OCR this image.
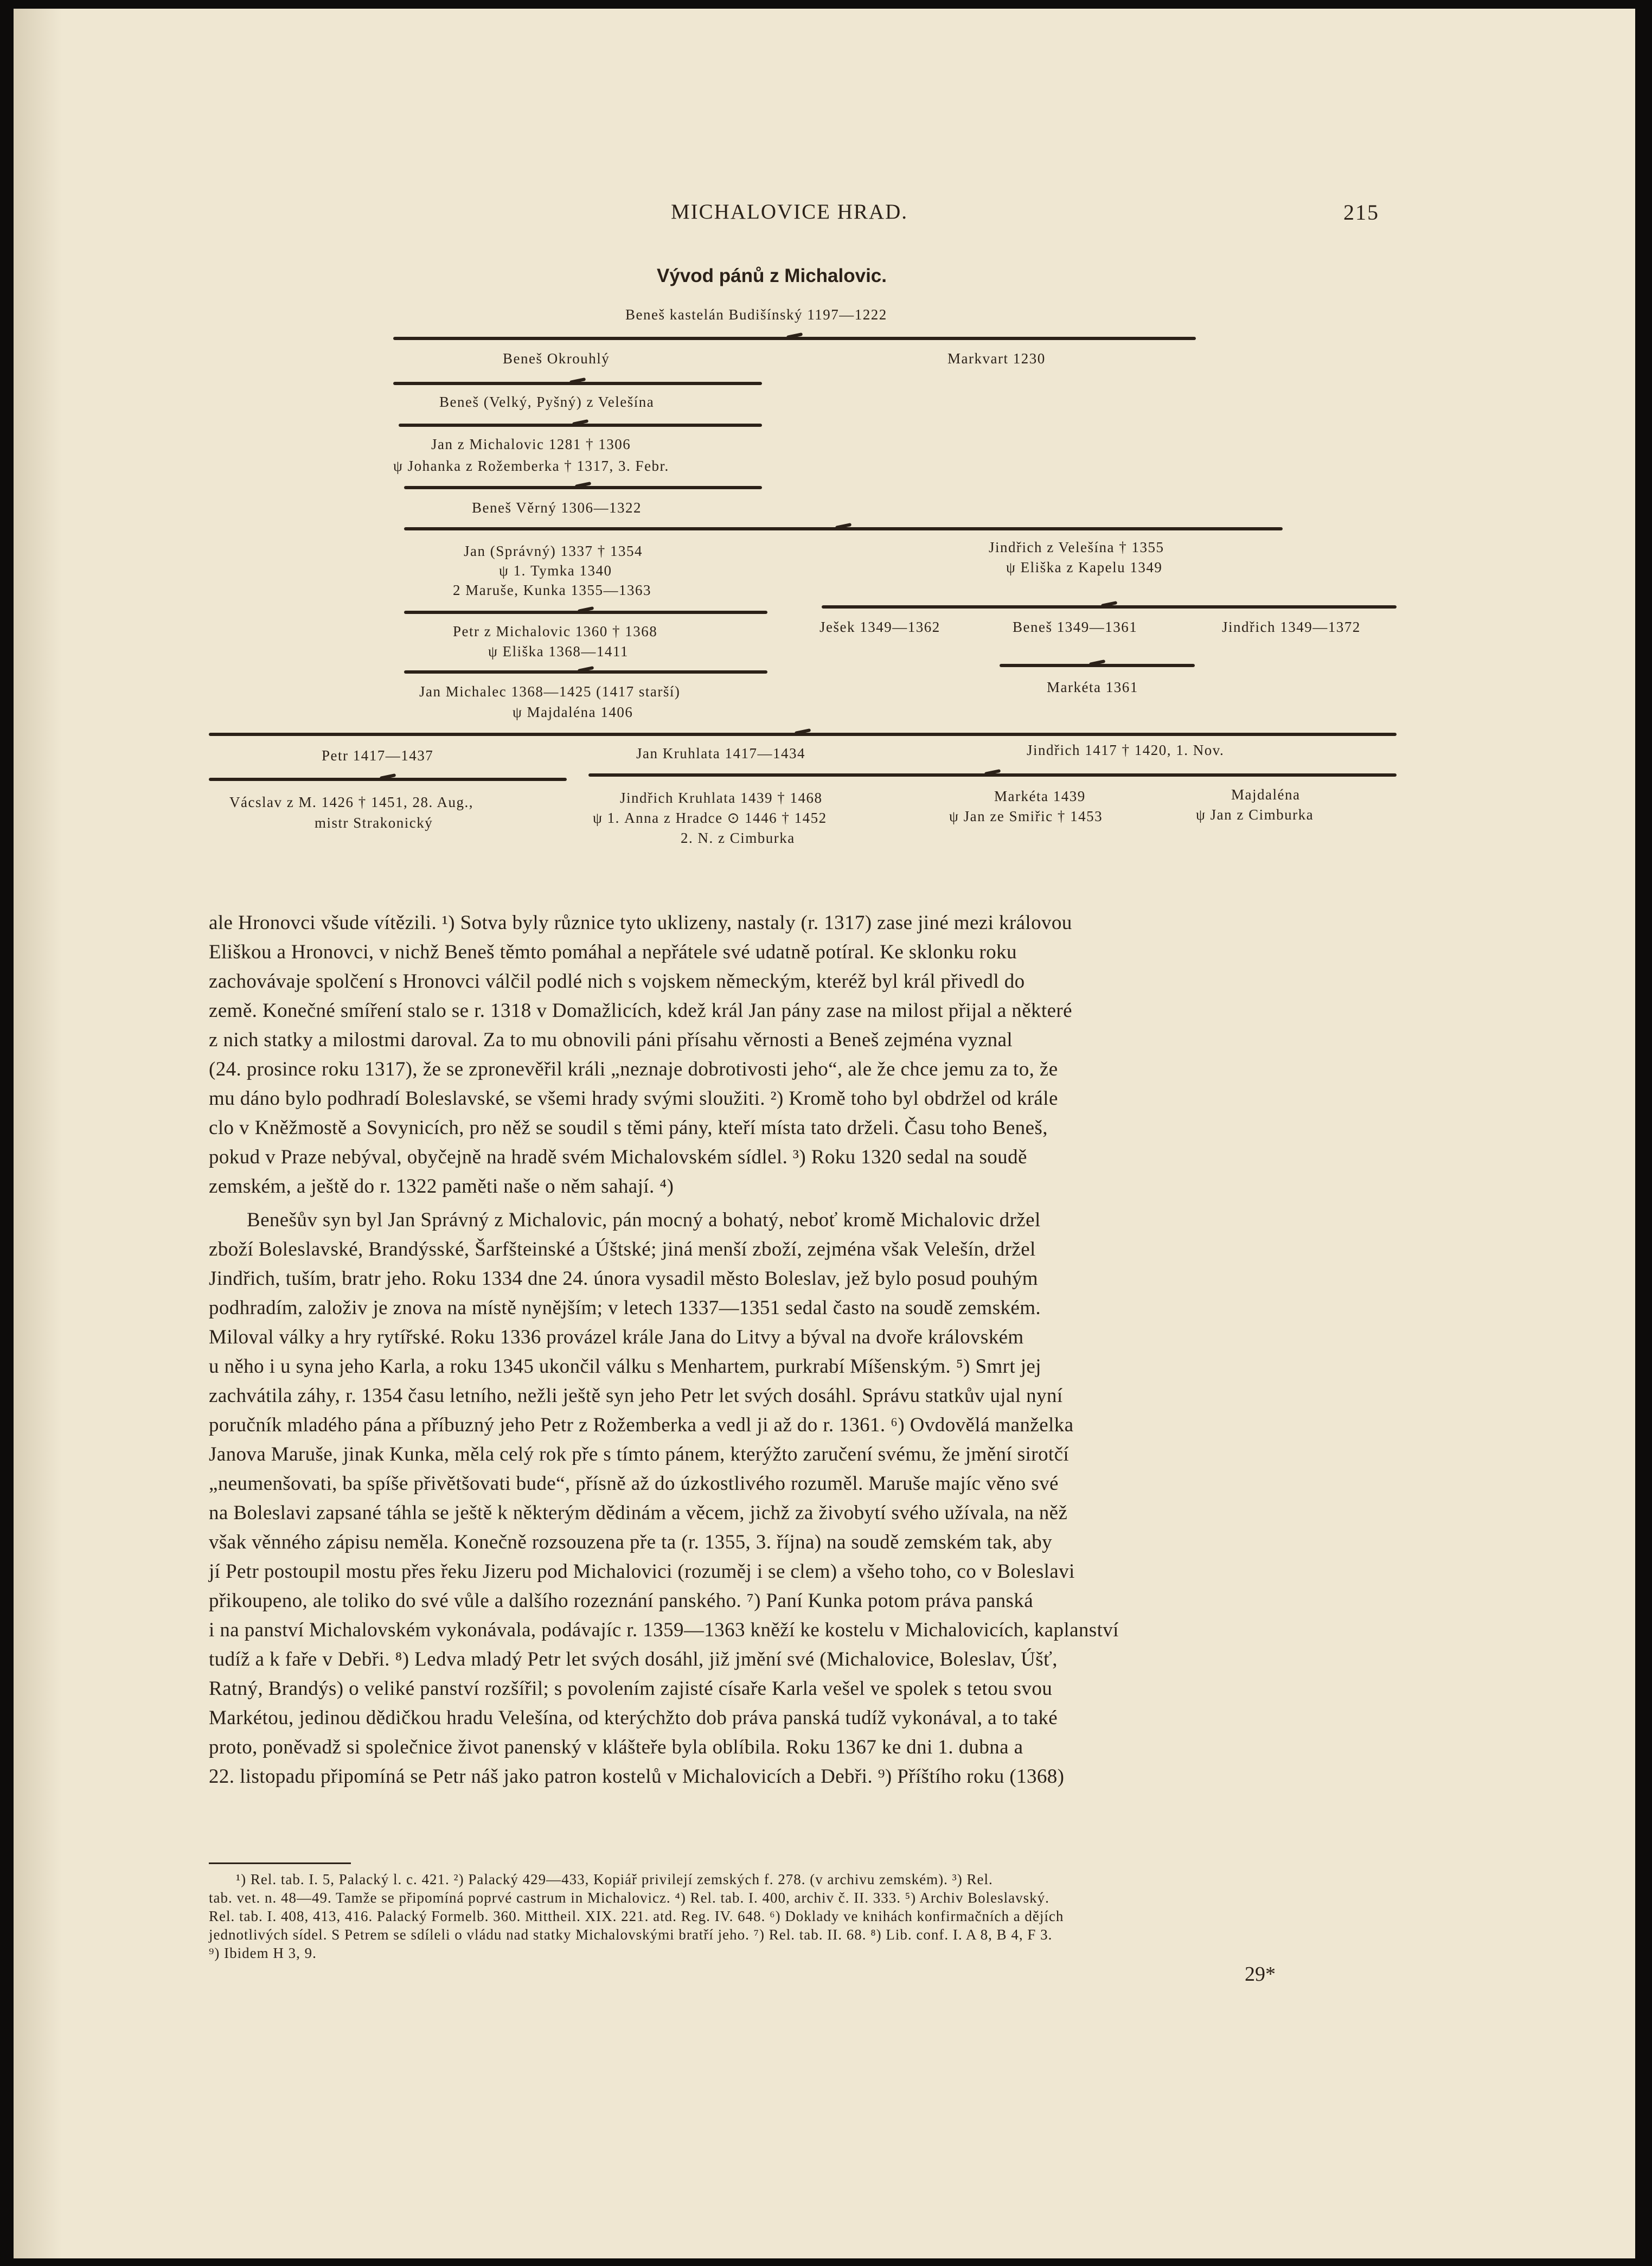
MICHALOVICE HRAD.	215
Vývod pánů z Michalovic.
Beneš kastelán Budišínský 1197—1222
Beneš Okrouhlý	Markvart 1230
Beneš (Velký, Pyšný) z Velešína
Jan z Michalovic 1281 † 1306
ψ Johanka z Rožemberka † 1317, 3. Febr.
Beneš Věrný 1306—1322
Jan (Správný) 1337 † 1354
ψ 1. Tymka 1340
2 Maruše, Kunka 1355—1363
Jindřich z Velešína † 1355
ψ Eliška z Kapelu 1349
Petr z Michalovic 1360 † 1368
ψ Eliška 1368—1411
Ješek 1349—1362	Beneš 1349—1361	Jindřich 1349—1372
Markéta 1361
Jan Michalec 1368—1425 (1417 starší)
ψ Majdaléna 1406
Petr 1417—1437	Jan Kruhlata 1417—1434	Jindřich 1417 † 1420, 1. Nov.
Vácslav z M. 1426 † 1451, 28. Aug.,
mistr Strakonický
Jindřich Kruhlata 1439 † 1468
ψ 1. Anna z Hradce ⊙ 1446 † 1452
2. N. z Cimburka
Markéta 1439
ψ Jan ze Smiřic † 1453
Majdaléna
ψ Jan z Cimburka

ale Hronovci všude vítězili. ¹) Sotva byly různice tyto uklizeny, nastaly (r. 1317) zase jiné mezi královou

Eliškou a Hronovci, v nichž Beneš těmto pomáhal a nepřátele své udatně potíral. Ke sklonku roku

zachovávaje spolčení s Hronovci válčil podlé nich s vojskem německým, kteréž byl král přivedl do

země. Konečné smíření stalo se r. 1318 v Domažlicích, kdež král Jan pány zase na milost přijal a některé

z nich statky a milostmi daroval. Za to mu obnovili páni přísahu věrnosti a Beneš zejména vyznal

(24. prosince roku 1317), že se zpronevěřil králi „neznaje dobrotivosti jeho“, ale že chce jemu za to, že

mu dáno bylo podhradí Boleslavské, se všemi hrady svými sloužiti. ²) Kromě toho byl obdržel od krále

clo v Kněžmostě a Sovynicích, pro něž se soudil s těmi pány, kteří místa tato drželi. Času toho Beneš,

pokud v Praze nebýval, obyčejně na hradě svém Michalovském sídlel. ³) Roku 1320 sedal na soudě

zemském, a ještě do r. 1322 paměti naše o něm sahají. ⁴)

Benešův syn byl Jan Správný z Michalovic, pán mocný a bohatý, neboť kromě Michalovic držel

zboží Boleslavské, Brandýsské, Šarfšteinské a Úštské; jiná menší zboží, zejména však Velešín, držel

Jindřich, tuším, bratr jeho. Roku 1334 dne 24. února vysadil město Boleslav, jež bylo posud pouhým

podhradím, založiv je znova na místě nynějším; v letech 1337—1351 sedal často na soudě zemském.

Miloval války a hry rytířské. Roku 1336 provázel krále Jana do Litvy a býval na dvoře královském

u něho i u syna jeho Karla, a roku 1345 ukončil válku s Menhartem, purkrabí Míšenským. ⁵) Smrt jej

zachvátila záhy, r. 1354 času letního, nežli ještě syn jeho Petr let svých dosáhl. Správu statkův ujal nyní

poručník mladého pána a příbuzný jeho Petr z Rožemberka a vedl ji až do r. 1361. ⁶) Ovdovělá manželka

Janova Maruše, jinak Kunka, měla celý rok pře s tímto pánem, kterýžto zaručení svému, že jmění sirotčí

„neumenšovati, ba spíše přivětšovati bude“, přísně až do úzkostlivého rozuměl. Maruše majíc věno své

na Boleslavi zapsané táhla se ještě k některým dědinám a věcem, jichž za živobytí svého užívala, na něž

však věnného zápisu neměla. Konečně rozsouzena pře ta (r. 1355, 3. října) na soudě zemském tak, aby

jí Petr postoupil mostu přes řeku Jizeru pod Michalovici (rozuměj i se clem) a všeho toho, co v Boleslavi

přikoupeno, ale toliko do své vůle a dalšího rozeznání panského. ⁷) Paní Kunka potom práva panská

i na panství Michalovském vykonávala, podávajíc r. 1359—1363 kněží ke kostelu v Michalovicích, kaplanství

tudíž a k faře v Debři. ⁸) Ledva mladý Petr let svých dosáhl, již jmění své (Michalovice, Boleslav, Úšť,

Ratný, Brandýs) o veliké panství rozšířil; s povolením zajisté císaře Karla vešel ve spolek s tetou svou

Markétou, jedinou dědičkou hradu Velešína, od kterýchžto dob práva panská tudíž vykonával, a to také

proto, poněvadž si společnice život panenský v klášteře byla oblíbila. Roku 1367 ke dni 1. dubna a

22. listopadu připomíná se Petr náš jako patron kostelů v Michalovicích a Debři. ⁹) Příštího roku (1368)

¹) Rel. tab. I. 5, Palacký l. c. 421. ²) Palacký 429—433, Kopiář privilejí zemských f. 278. (v archivu zemském). ³) Rel.
tab. vet. n. 48—49. Tamže se připomíná poprvé castrum in Michalovicz. ⁴) Rel. tab. I. 400, archiv č. II. 333. ⁵) Archiv Boleslavský.
Rel. tab. I. 408, 413, 416. Palacký Formelb. 360. Mittheil. XIX. 221. atd. Reg. IV. 648. ⁶) Doklady ve knihách konfirmačních a dějích
jednotlivých sídel. S Petrem se sdíleli o vládu nad statky Michalovskými bratří jeho. ⁷) Rel. tab. II. 68. ⁸) Lib. conf. I. A 8, B 4, F 3.
⁹) Ibidem H 3, 9.
29*
